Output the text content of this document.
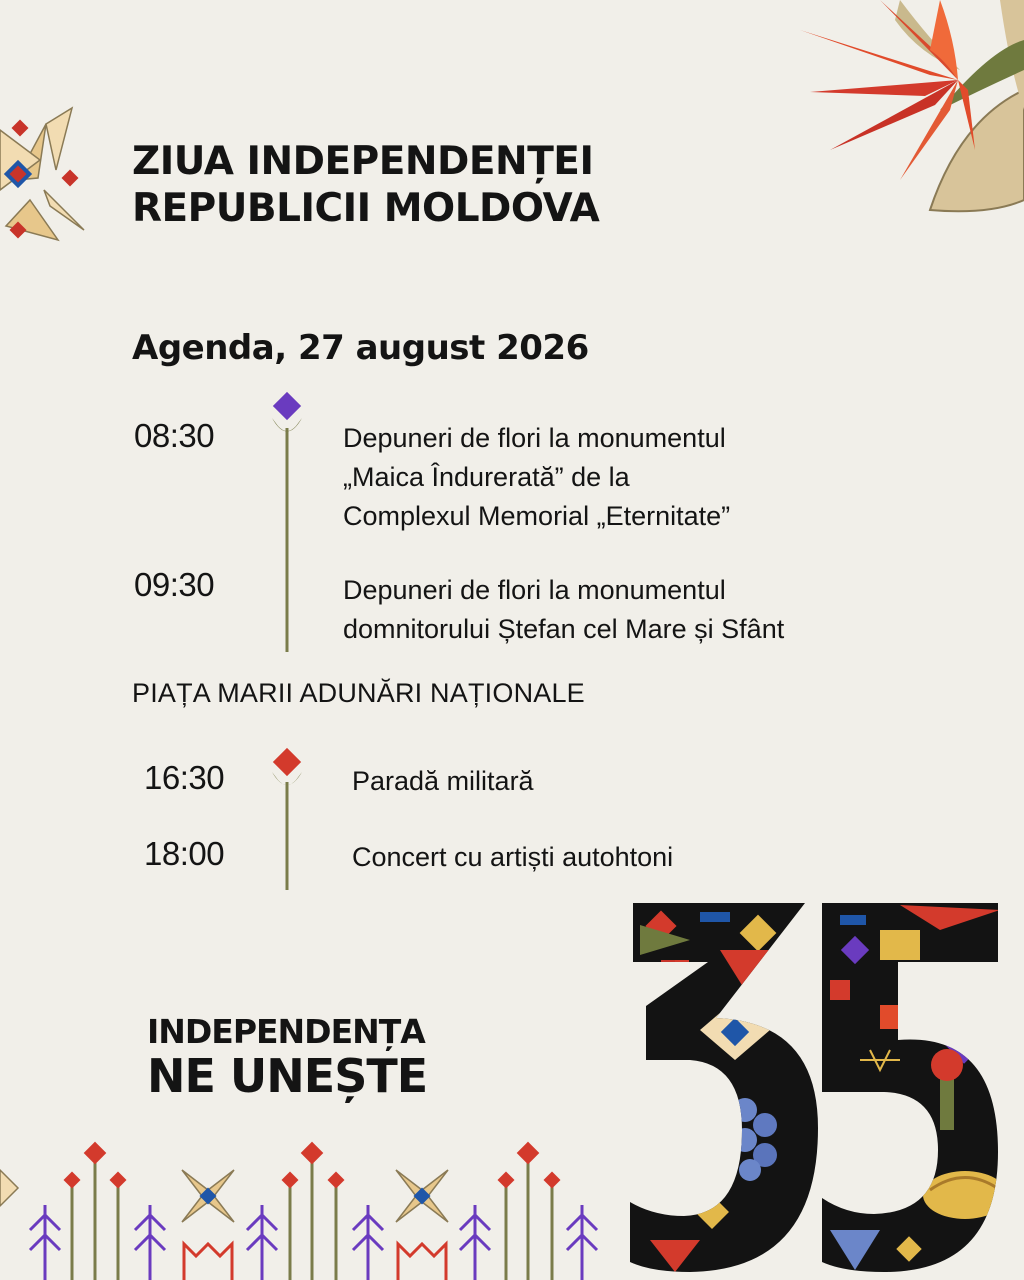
ZIUA INDEPENDENȚEI
REPUBLICII MOLDOVA
Agenda, 27 august 2026
08:30	Depuneri de flori la monumentul
„Maica Îndurerată” de la
Complexul Memorial „Eternitate”
09:30	Depuneri de flori la monumentul
domnitorului Ștefan cel Mare și Sfânt
PIAȚA MARII ADUNĂRI NAȚIONALE
16:30	Paradă militară
18:00	Concert cu artiști autohtoni
INDEPENDENȚA
NE UNEȘTE
